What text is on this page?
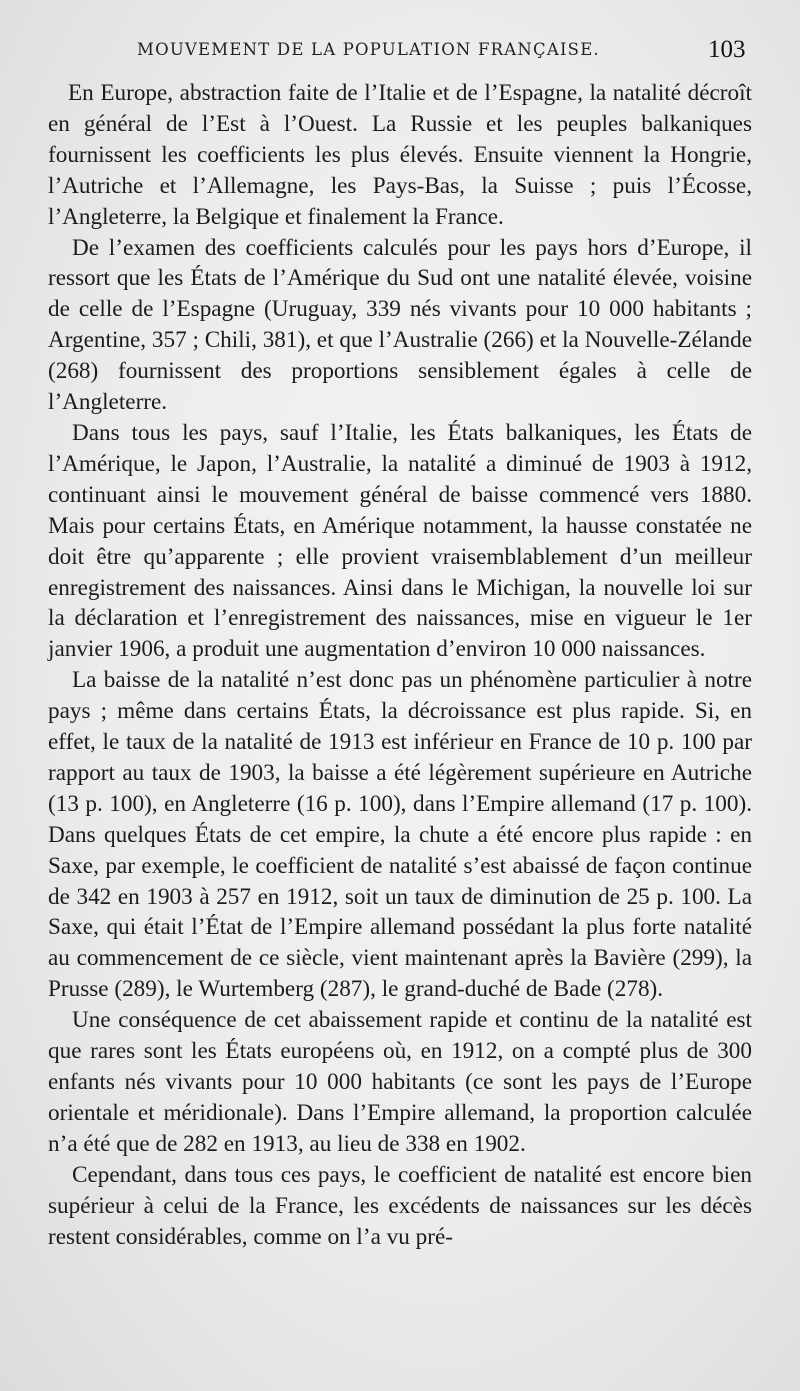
MOUVEMENT DE LA POPULATION FRANÇAISE.	103

En Europe, abstraction faite de l’Italie et de l’Espagne, la natalité décroît en général de l’Est à l’Ouest. La Russie et les peuples balkaniques fournissent les coefficients les plus élevés. Ensuite viennent la Hongrie, l’Autriche et l’Allemagne, les Pays-Bas, la Suisse ; puis l’Écosse, l’Angleterre, la Belgique et finalement la France.

De l’examen des coefficients calculés pour les pays hors d’Europe, il ressort que les États de l’Amérique du Sud ont une natalité élevée, voisine de celle de l’Espagne (Uruguay, 339 nés vivants pour 10 000 habitants ; Argentine, 357 ; Chili, 381), et que l’Australie (266) et la Nouvelle-Zélande (268) fournissent des proportions sensiblement égales à celle de l’Angleterre.

Dans tous les pays, sauf l’Italie, les États balkaniques, les États de l’Amérique, le Japon, l’Australie, la natalité a diminué de 1903 à 1912, continuant ainsi le mouvement général de baisse commencé vers 1880. Mais pour certains États, en Amérique notamment, la hausse constatée ne doit être qu’apparente ; elle provient vraisemblablement d’un meilleur enregistrement des naissances. Ainsi dans le Michigan, la nouvelle loi sur la déclaration et l’enregistrement des naissances, mise en vigueur le 1er janvier 1906, a produit une augmentation d’environ 10 000 naissances.

La baisse de la natalité n’est donc pas un phénomène particulier à notre pays ; même dans certains États, la décroissance est plus rapide. Si, en effet, le taux de la natalité de 1913 est inférieur en France de 10 p. 100 par rapport au taux de 1903, la baisse a été légèrement supérieure en Autriche (13 p. 100), en Angleterre (16 p. 100), dans l’Empire allemand (17 p. 100). Dans quelques États de cet empire, la chute a été encore plus rapide : en Saxe, par exemple, le coefficient de natalité s’est abaissé de façon continue de 342 en 1903 à 257 en 1912, soit un taux de diminution de 25 p. 100. La Saxe, qui était l’État de l’Empire allemand possédant la plus forte natalité au commencement de ce siècle, vient maintenant après la Bavière (299), la Prusse (289), le Wurtemberg (287), le grand-duché de Bade (278).

Une conséquence de cet abaissement rapide et continu de la natalité est que rares sont les États européens où, en 1912, on a compté plus de 300 enfants nés vivants pour 10 000 habitants (ce sont les pays de l’Europe orientale et méridionale). Dans l’Empire allemand, la proportion calculée n’a été que de 282 en 1913, au lieu de 338 en 1902.

Cependant, dans tous ces pays, le coefficient de natalité est encore bien supérieur à celui de la France, les excédents de naissances sur les décès restent considérables, comme on l’a vu pré-
